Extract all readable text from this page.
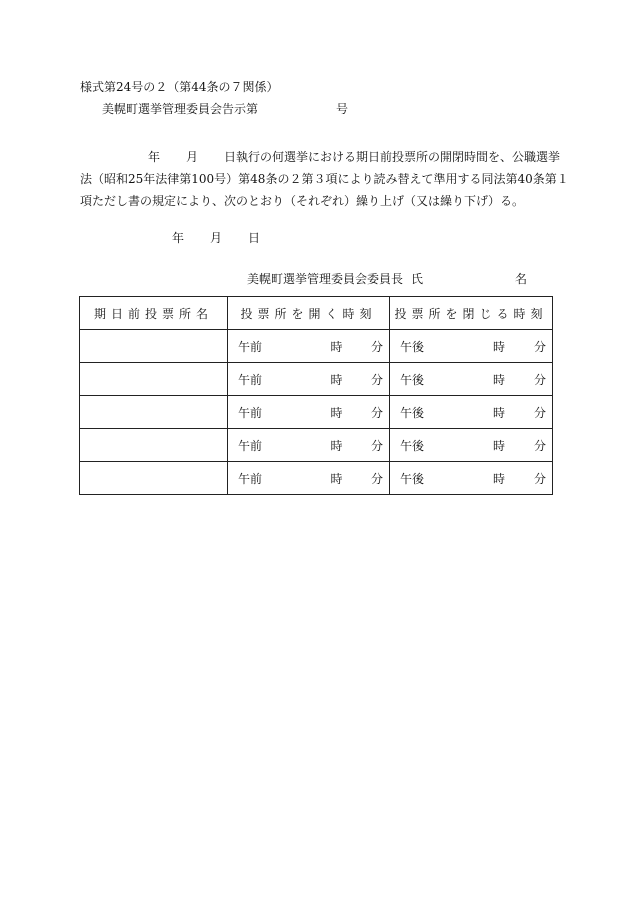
様式第24号の２（第44条の７関係）
美幌町選挙管理委員会告示第	号
年 月 日執行の何選挙における期日前投票所の開閉時間を、公職選挙
法（昭和25年法律第100号）第48条の２第３項により読み替えて準用する同法第40条第１
項ただし書の規定により、次のとおり（それぞれ）繰り上げ（又は繰り下げ）る。
年 月 日
美幌町選挙管理委員会委員長 氏	名
期日前投票所名	投票所を開く時刻	投票所を閉じる時刻

	午前 時 分	午後 時 分

	午前 時 分	午後 時 分

	午前 時 分	午後 時 分

	午前 時 分	午後 時 分

	午前 時 分	午後 時 分
